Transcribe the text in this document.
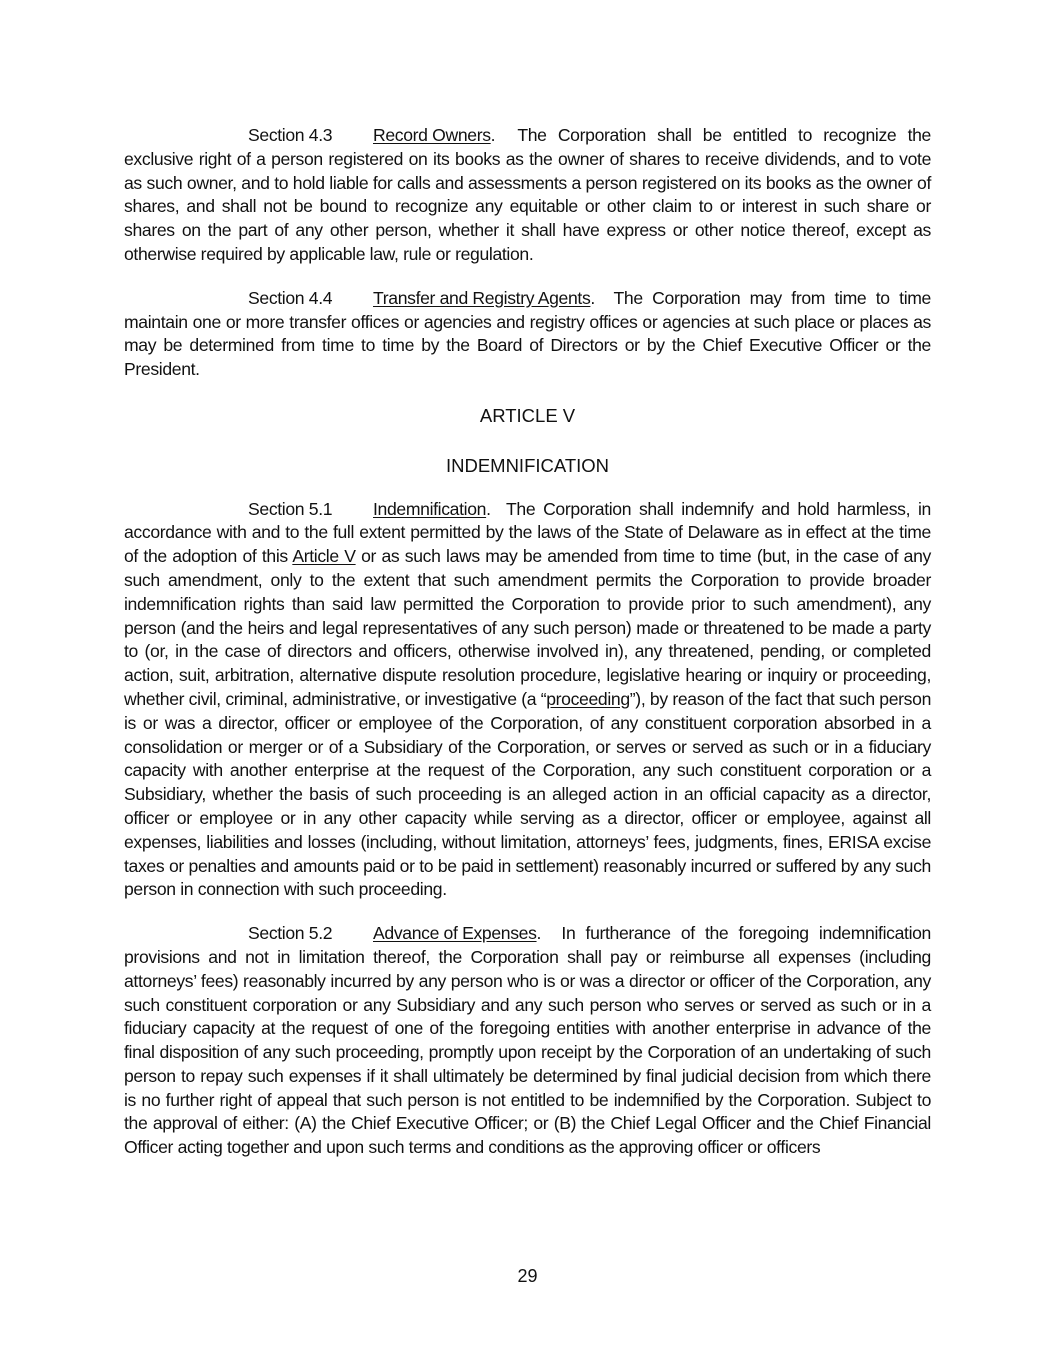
Section 4.3 Record Owners. The Corporation shall be entitled to recognize the exclusive right of a person registered on its books as the owner of shares to receive dividends, and to vote as such owner, and to hold liable for calls and assessments a person registered on its books as the owner of shares, and shall not be bound to recognize any equitable or other claim to or interest in such share or shares on the part of any other person, whether it shall have express or other notice thereof, except as otherwise required by applicable law, rule or regulation.

Section 4.4 Transfer and Registry Agents. The Corporation may from time to time maintain one or more transfer offices or agencies and registry offices or agencies at such place or places as may be determined from time to time by the Board of Directors or by the Chief Executive Officer or the President.

ARTICLE V

INDEMNIFICATION

Section 5.1 Indemnification. The Corporation shall indemnify and hold harmless, in accordance with and to the full extent permitted by the laws of the State of Delaware as in effect at the time of the adoption of this Article V or as such laws may be amended from time to time (but, in the case of any such amendment, only to the extent that such amendment permits the Corporation to provide broader indemnification rights than said law permitted the Corporation to provide prior to such amendment), any person (and the heirs and legal representatives of any such person) made or threatened to be made a party to (or, in the case of directors and officers, otherwise involved in), any threatened, pending, or completed action, suit, arbitration, alternative dispute resolution procedure, legislative hearing or inquiry or proceeding, whether civil, criminal, administrative, or investigative (a “proceeding”), by reason of the fact that such person is or was a director, officer or employee of the Corporation, of any constituent corporation absorbed in a consolidation or merger or of a Subsidiary of the Corporation, or serves or served as such or in a fiduciary capacity with another enterprise at the request of the Corporation, any such constituent corporation or a Subsidiary, whether the basis of such proceeding is an alleged action in an official capacity as a director, officer or employee or in any other capacity while serving as a director, officer or employee, against all expenses, liabilities and losses (including, without limitation, attorneys’ fees, judgments, fines, ERISA excise taxes or penalties and amounts paid or to be paid in settlement) reasonably incurred or suffered by any such person in connection with such proceeding.

Section 5.2 Advance of Expenses. In furtherance of the foregoing indemnification provisions and not in limitation thereof, the Corporation shall pay or reimburse all expenses (including attorneys’ fees) reasonably incurred by any person who is or was a director or officer of the Corporation, any such constituent corporation or any Subsidiary and any such person who serves or served as such or in a fiduciary capacity at the request of one of the foregoing entities with another enterprise in advance of the final disposition of any such proceeding, promptly upon receipt by the Corporation of an undertaking of such person to repay such expenses if it shall ultimately be determined by final judicial decision from which there is no further right of appeal that such person is not entitled to be indemnified by the Corporation. Subject to the approval of either: (A) the Chief Executive Officer; or (B) the Chief Legal Officer and the Chief Financial Officer acting together and upon such terms and conditions as the approving officer or officers

29
